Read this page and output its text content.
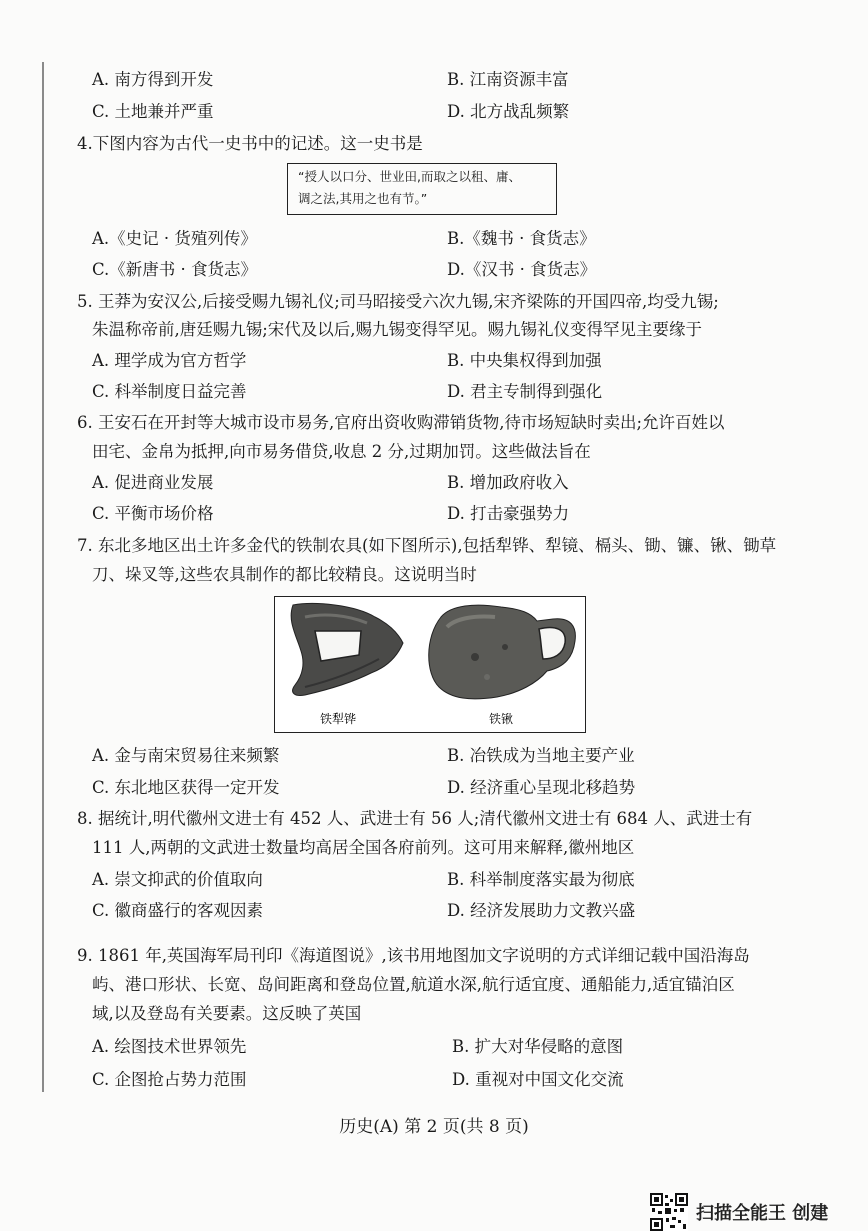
A. 南方得到开发	B. 江南资源丰富
C. 土地兼并严重	D. 北方战乱频繁
4.下图内容为古代一史书中的记述。这一史书是
“授人以口分、世业田,而取之以租、庸、
调之法,其用之也有节。”
A.《史记 · 货殖列传》	B.《魏书 · 食货志》
C.《新唐书 · 食货志》	D.《汉书 · 食货志》
5. 王莽为安汉公,后接受赐九锡礼仪;司马昭接受六次九锡,宋齐梁陈的开国四帝,均受九锡;
朱温称帝前,唐廷赐九锡;宋代及以后,赐九锡变得罕见。赐九锡礼仪变得罕见主要缘于
A. 理学成为官方哲学	B. 中央集权得到加强
C. 科举制度日益完善	D. 君主专制得到强化
6. 王安石在开封等大城市设市易务,官府出资收购滞销货物,待市场短缺时卖出;允许百姓以
田宅、金帛为抵押,向市易务借贷,收息 2 分,过期加罚。这些做法旨在
A. 促进商业发展	B. 增加政府收入
C. 平衡市场价格	D. 打击豪强势力
7. 东北多地区出土许多金代的铁制农具(如下图所示),包括犁铧、犁镜、槅头、锄、镰、锹、锄草
刀、垛叉等,这些农具制作的都比较精良。这说明当时
铁犁铧	铁锹
A. 金与南宋贸易往来频繁	B. 冶铁成为当地主要产业
C. 东北地区获得一定开发	D. 经济重心呈现北移趋势
8. 据统计,明代徽州文进士有 452 人、武进士有 56 人;清代徽州文进士有 684 人、武进士有
111 人,两朝的文武进士数量均高居全国各府前列。这可用来解释,徽州地区
A. 崇文抑武的价值取向	B. 科举制度落实最为彻底
C. 徽商盛行的客观因素	D. 经济发展助力文教兴盛
9. 1861 年,英国海军局刊印《海道图说》,该书用地图加文字说明的方式详细记载中国沿海岛
屿、港口形状、长宽、岛间距离和登岛位置,航道水深,航行适宜度、通船能力,适宜锚泊区
域,以及登岛有关要素。这反映了英国
A. 绘图技术世界领先	B. 扩大对华侵略的意图
C. 企图抢占势力范围	D. 重视对中国文化交流
历史(A) 第 2 页(共 8 页)
扫描全能王 创建
